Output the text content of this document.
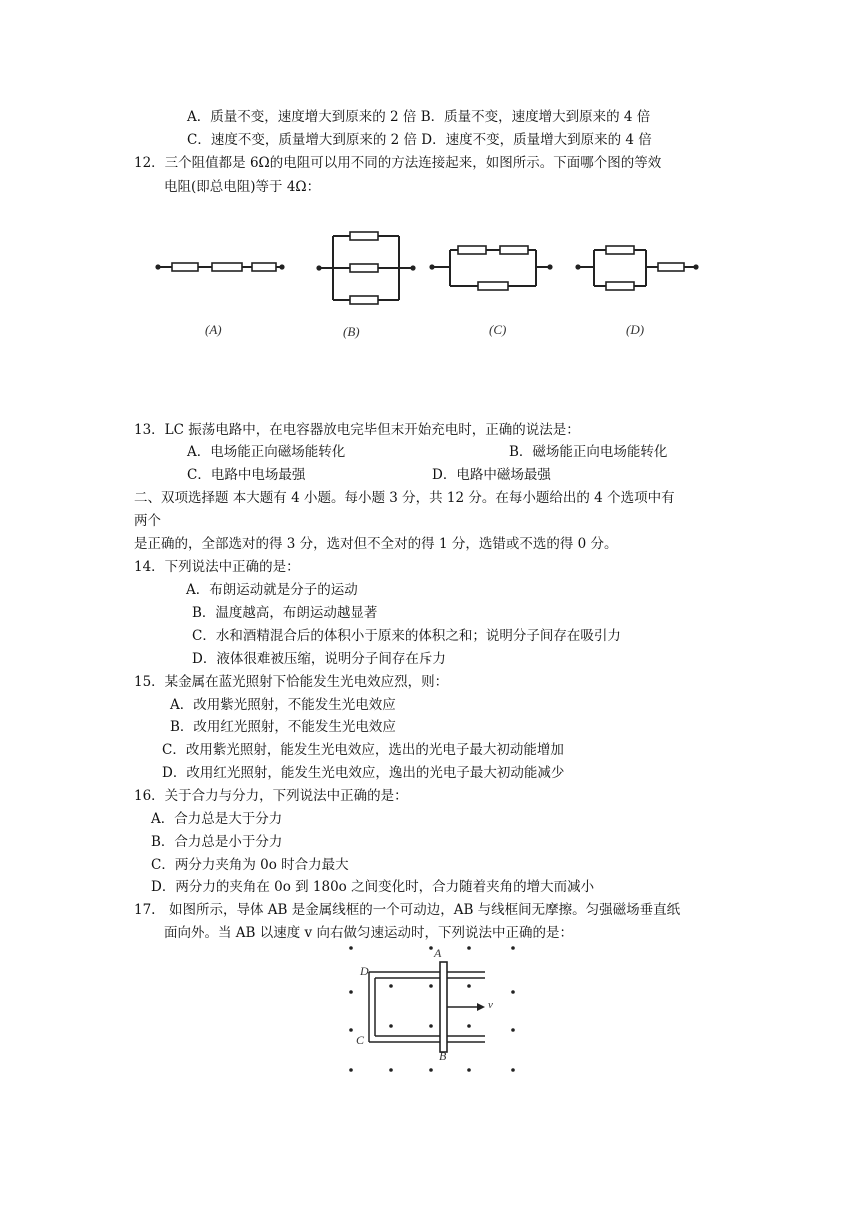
A．质量不变，速度增大到原来的 2 倍 B．质量不变，速度增大到原来的 4 倍
C．速度不变，质量增大到原来的 2 倍 D．速度不变，质量增大到原来的 4 倍
12．三个阻值都是 6Ω的电阻可以用不同的方法连接起来，如图所示。下面哪个图的等效
电阻(即总电阻)等于 4Ω：
(A)	(B)	(C)	(D)
13．LC 振荡电路中，在电容器放电完毕但末开始充电时，正确的说法是：
A．电场能正向磁场能转化	B．磁场能正向电场能转化
C．电路中电场最强	D．电路中磁场最强
二、双项选择题 本大题有 4 小题。每小题 3 分，共 12 分。在每小题给出的 4 个选项中有
两个
是正确的，全部选对的得 3 分，选对但不全对的得 1 分，选错或不选的得 0 分。
14．下列说法中正确的是：
A．布朗运动就是分子的运动
B．温度越高，布朗运动越显著
C．水和酒精混合后的体积小于原来的体积之和；说明分子间存在吸引力
D．液体很难被压缩，说明分子间存在斥力
15．某金属在蓝光照射下恰能发生光电效应烈，则：
A．改用紫光照射，不能发生光电效应
B．改用红光照射，不能发生光电效应
C．改用紫光照射，能发生光电效应，选出的光电子最大初动能增加
D．改用红光照射，能发生光电效应，逸出的光电子最大初动能减少
16．关于合力与分力，下列说法中正确的是：
A．合力总是大于分力
B．合力总是小于分力
C．两分力夹角为 0o 时合力最大
D．两分力的夹角在 0o 到 180o 之间变化时，合力随着夹角的增大而减小
17.　如图所示，导体 AB 是金属线框的一个可动边，AB 与线框间无摩擦。匀强磁场垂直纸
面向外。当 AB 以速度 v 向右做匀速运动时，下列说法中正确的是：
A
B
C
D
v
